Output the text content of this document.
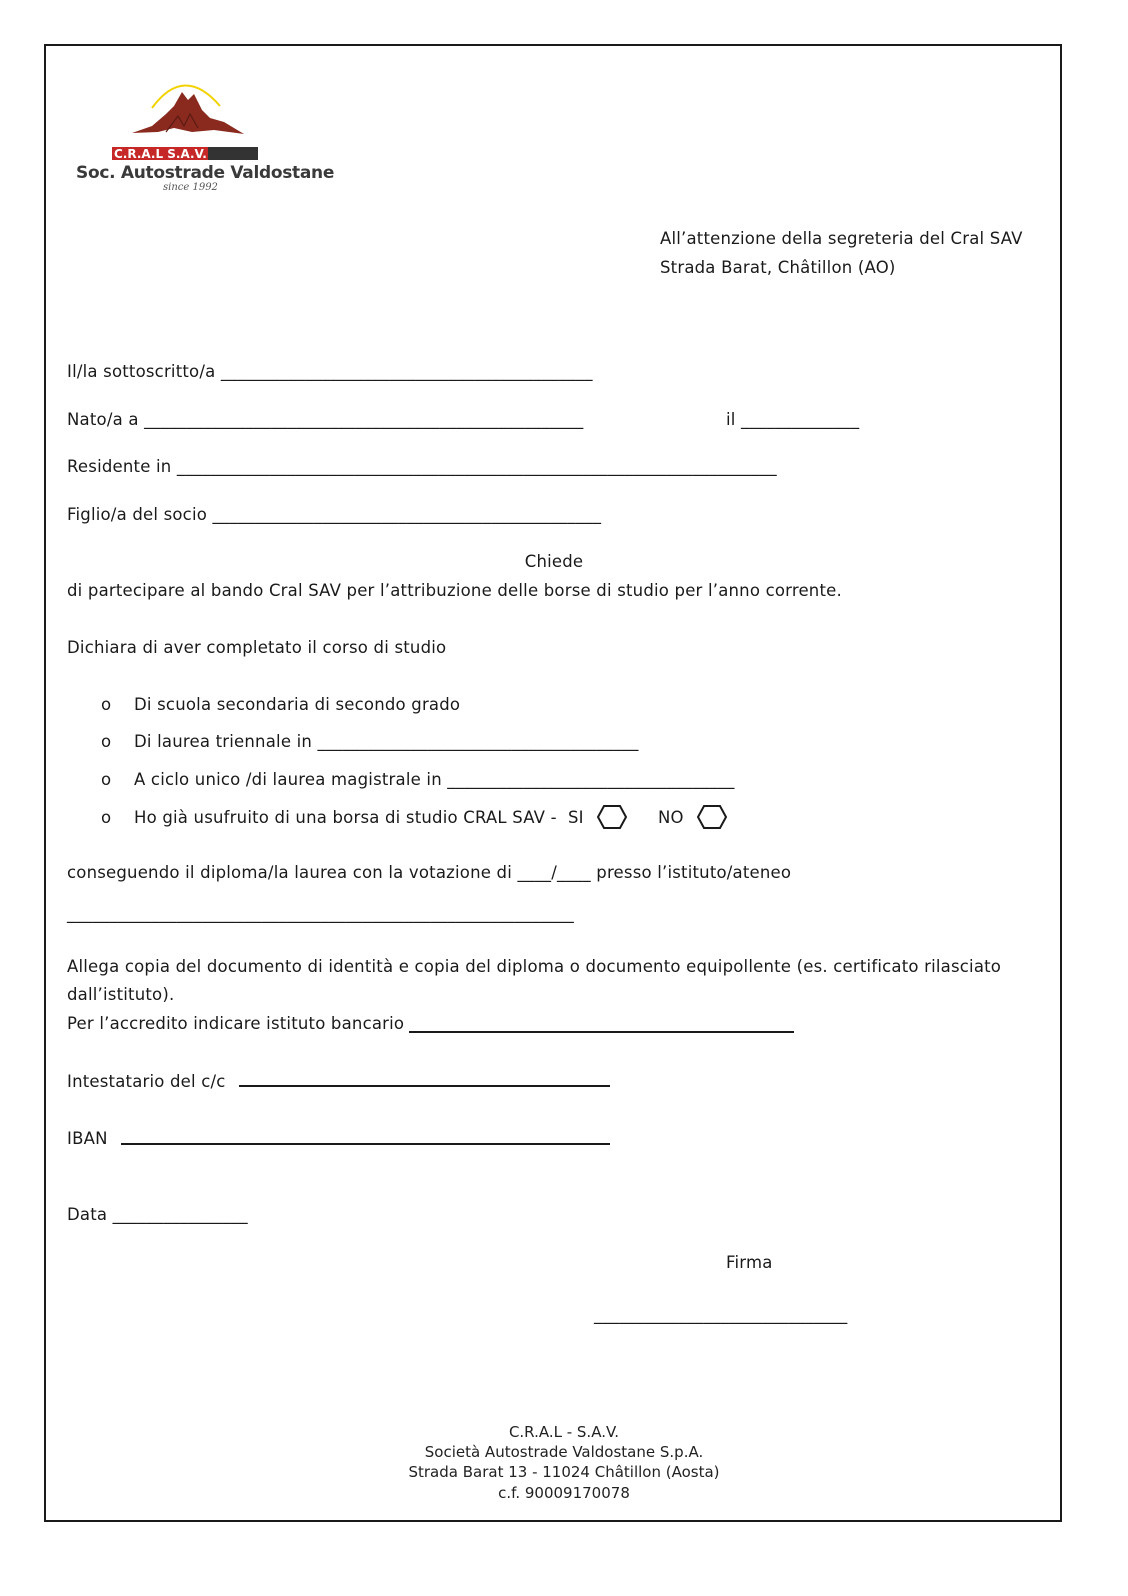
C.R.A.L S.A.V.
Soc. Autostrade Valdostane
since 1992
All’attenzione della segreteria del Cral SAV
Strada Barat, Châtillon (AO)
Il/la sottoscritto/a ____________________________________________
Nato/a a ____________________________________________________	il ______________
Residente in _______________________________________________________________________
Figlio/a del socio ______________________________________________
Chiede
di partecipare al bando Cral SAV per l’attribuzione delle borse di studio per l’anno corrente.
Dichiara di aver completato il corso di studio
o Di scuola secondaria di secondo grado
o Di laurea triennale in ______________________________________
o A ciclo unico /di laurea magistrale in __________________________________
o Ho già usufruito di una borsa di studio CRAL SAV - SI	NO
conseguendo il diploma/la laurea con la votazione di ____/____ presso l’istituto/ateneo
____________________________________________________________
Allega copia del documento di identità e copia del diploma o documento equipollente (es. certificato rilasciato
dall’istituto).
Per l’accredito indicare istituto bancario
Intestatario del c/c
IBAN
Data ________________
Firma
______________________________
C.R.A.L - S.A.V.
Società Autostrade Valdostane S.p.A.
Strada Barat 13 - 11024 Châtillon (Aosta)
c.f. 90009170078
